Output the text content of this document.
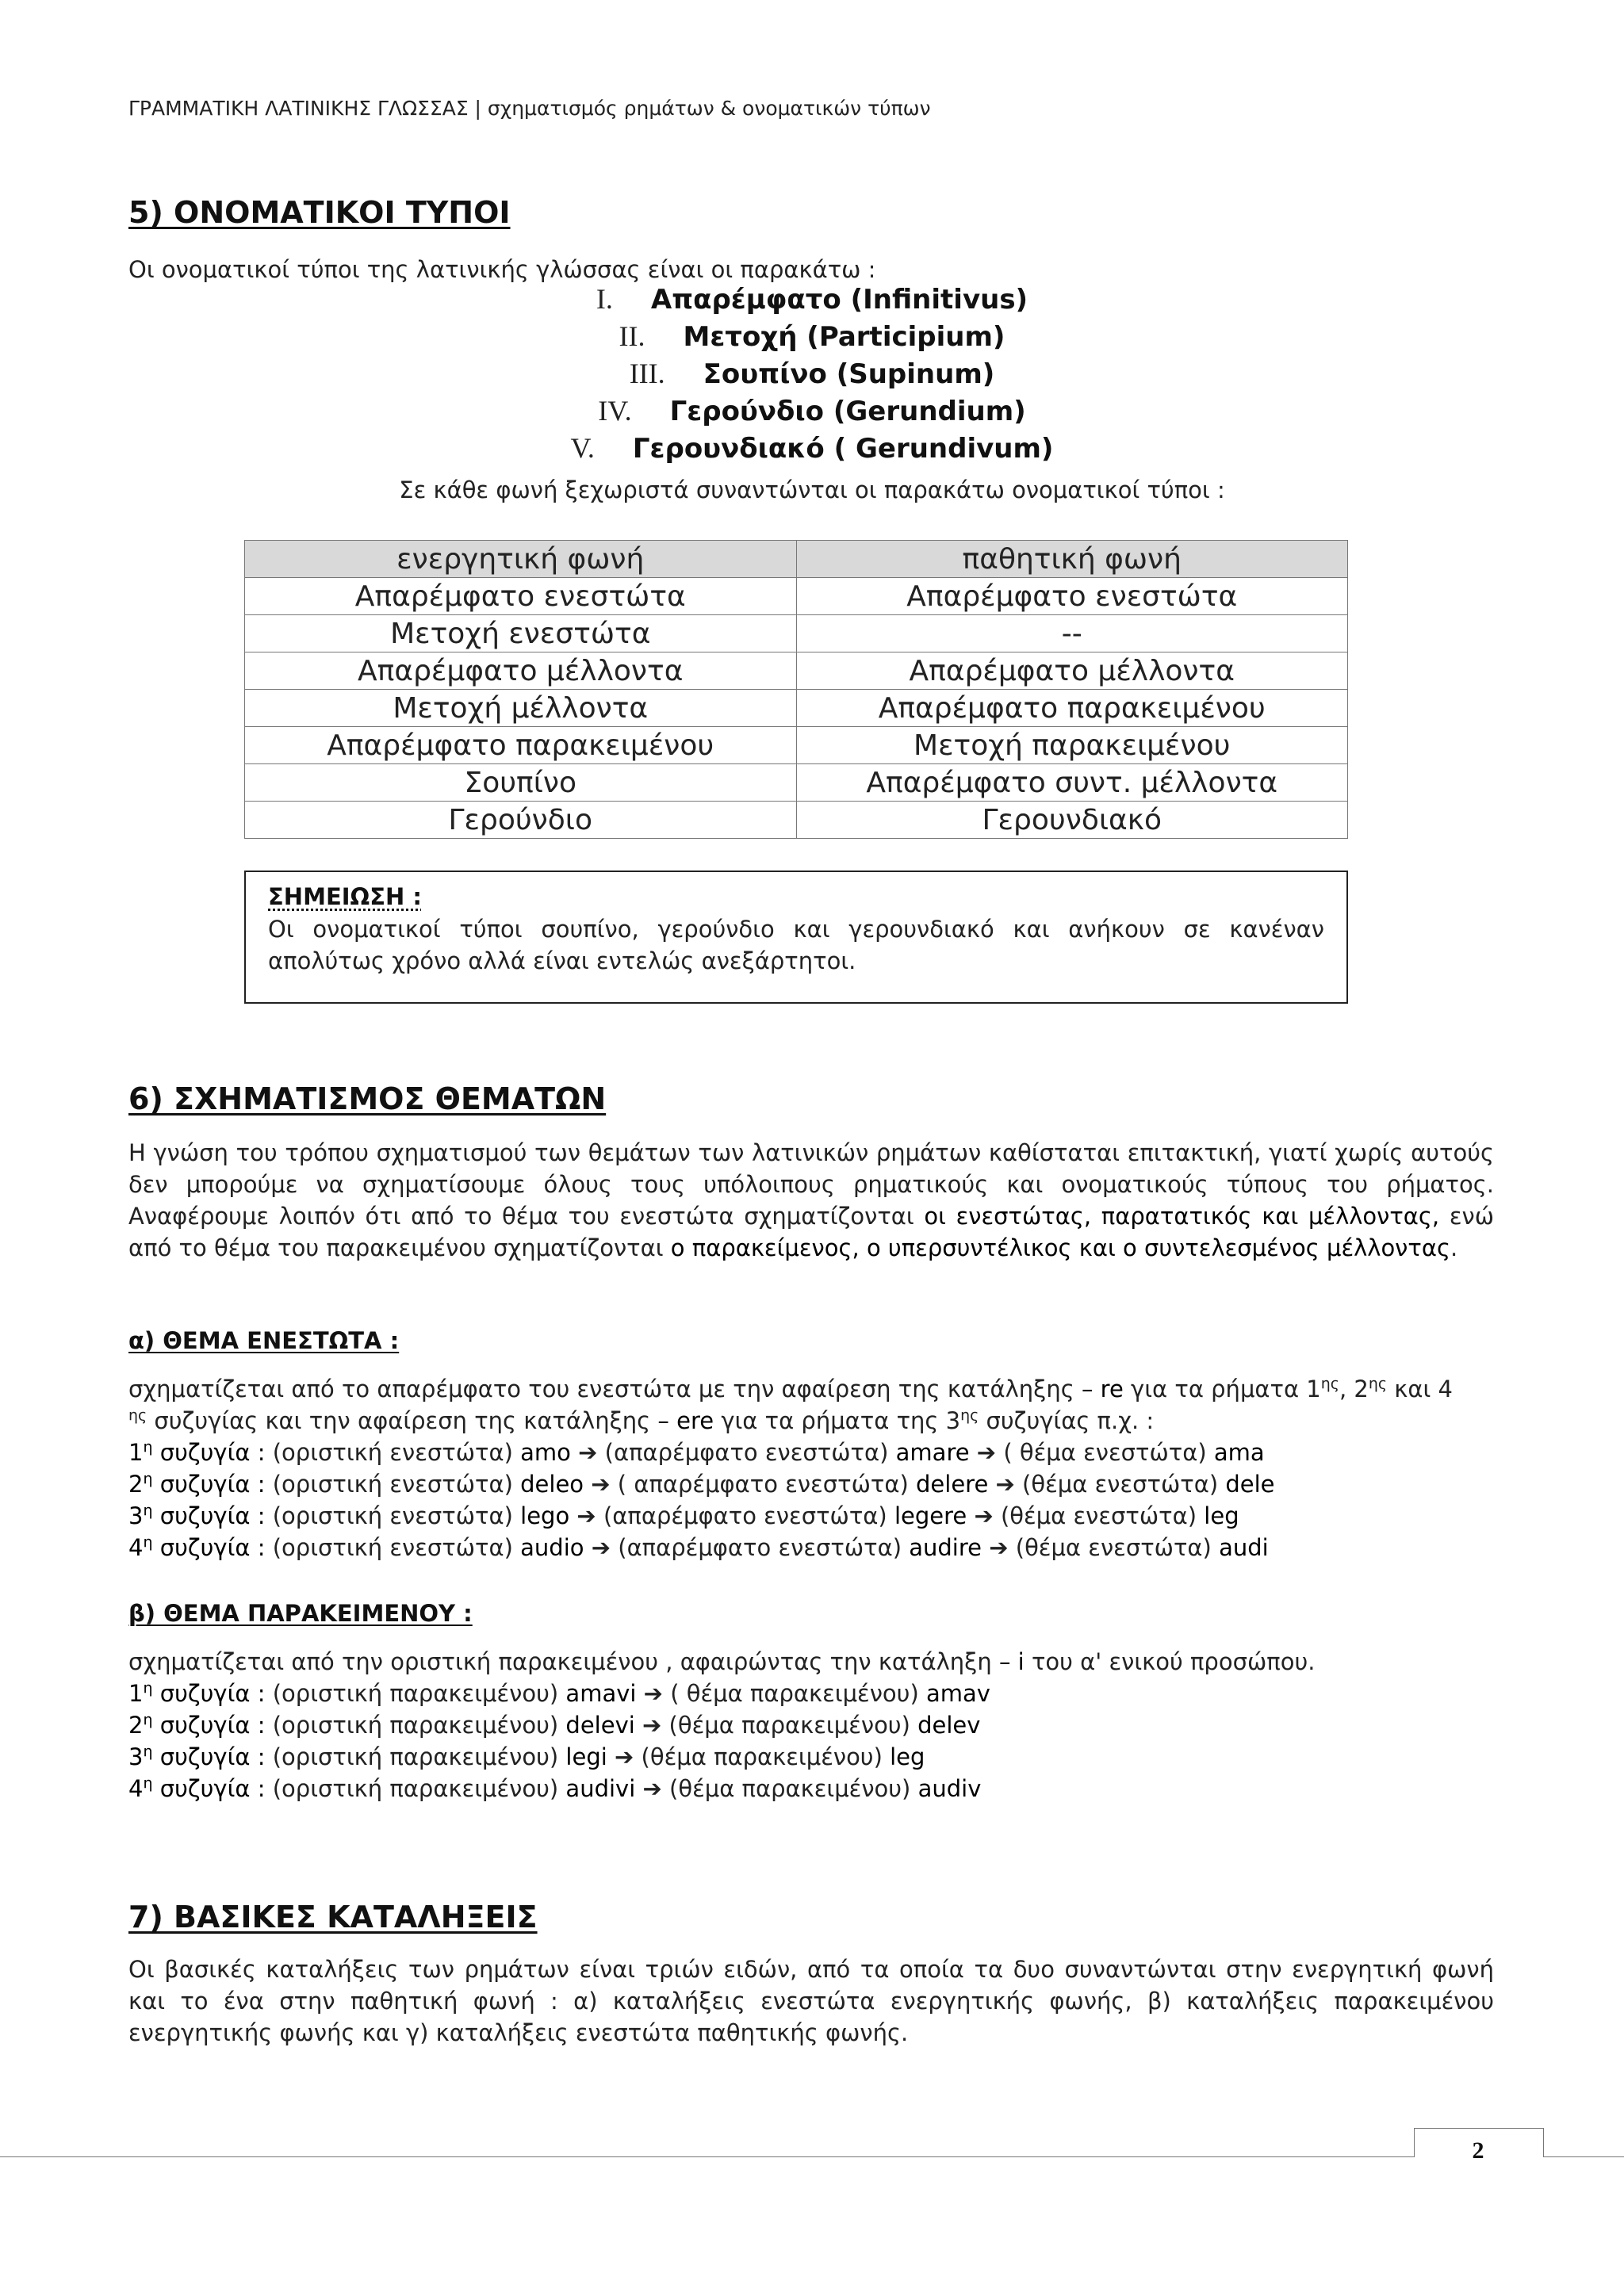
ΓΡΑΜΜΑΤΙΚΗ ΛΑΤΙΝΙΚΗΣ ΓΛΩΣΣΑΣ | σχηματισμός ρημάτων & ονοματικών τύπων
5) ΟΝΟΜΑΤΙΚΟΙ ΤΥΠΟΙ
Οι ονοματικοί τύποι της λατινικής γλώσσας είναι οι παρακάτω :
I. Απαρέμφατο (Infinitivus)
II. Μετοχή (Participium)
III. Σουπίνο (Supinum)
IV. Γερούνδιο (Gerundium)
V. Γερουνδιακό ( Gerundivum)
Σε κάθε φωνή ξεχωριστά συναντώνται οι παρακάτω ονοματικοί τύποι :
ενεργητική φωνή	παθητική φωνή
Απαρέμφατο ενεστώτα	Απαρέμφατο ενεστώτα
Μετοχή ενεστώτα	--
Απαρέμφατο μέλλοντα	Απαρέμφατο μέλλοντα
Μετοχή μέλλοντα	Απαρέμφατο παρακειμένου
Απαρέμφατο παρακειμένου	Μετοχή παρακειμένου
Σουπίνο	Απαρέμφατο συντ. μέλλοντα
Γερούνδιο	Γερουνδιακό
ΣΗΜΕΙΩΣΗ :
Οι ονοματικοί τύποι σουπίνο, γερούνδιο και γερουνδιακό και ανήκουν σε κανέναν απολύτως χρόνο αλλά είναι εντελώς ανεξάρτητοι.
6) ΣΧΗΜΑΤΙΣΜΟΣ ΘΕΜΑΤΩΝ
Η γνώση του τρόπου σχηματισμού των θεμάτων των λατινικών ρημάτων καθίσταται επιτακτική, γιατί χωρίς αυτούς δεν μπορούμε να σχηματίσουμε όλους τους υπόλοιπους ρηματικούς και ονοματικούς τύπους του ρήματος. Αναφέρουμε λοιπόν ότι από το θέμα του ενεστώτα σχηματίζονται οι ενεστώτας, παρατατικός και μέλλοντας, ενώ από το θέμα του παρακειμένου σχηματίζονται ο παρακείμενος, ο υπερσυντέλικος και ο συντελεσμένος μέλλοντας.
α) ΘΕΜΑ ΕΝΕΣΤΩΤΑ :
σχηματίζεται από το απαρέμφατο του ενεστώτα με την αφαίρεση της κατάληξης – re για τα ρήματα $1^{\eta\varsigma}$, $2^{\eta\varsigma}$ και 4
$^{\eta\varsigma}$ συζυγίας και την αφαίρεση της κατάληξης – ere για τα ρήματα της $3^{\eta\varsigma}$ συζυγίας π.χ. :
$1^\eta$ συζυγία : (οριστική ενεστώτα) amo ➔ (απαρέμφατο ενεστώτα) amare ➔ ( θέμα ενεστώτα) ama
$2^\eta$ συζυγία : (οριστική ενεστώτα) deleo ➔ ( απαρέμφατο ενεστώτα) delere ➔ (θέμα ενεστώτα) dele
$3^\eta$ συζυγία : (οριστική ενεστώτα) lego ➔ (απαρέμφατο ενεστώτα) legere ➔ (θέμα ενεστώτα) leg
$4^\eta$ συζυγία : (οριστική ενεστώτα) audio ➔ (απαρέμφατο ενεστώτα) audire ➔ (θέμα ενεστώτα) audi
β) ΘΕΜΑ ΠΑΡΑΚΕΙΜΕΝΟΥ :
σχηματίζεται από την οριστική παρακειμένου , αφαιρώντας την κατάληξη – i του α' ενικού προσώπου.
$1^\eta$ συζυγία : (οριστική παρακειμένου) amavi ➔ ( θέμα παρακειμένου) amav
$2^\eta$ συζυγία : (οριστική παρακειμένου) delevi ➔ (θέμα παρακειμένου) delev
$3^\eta$ συζυγία : (οριστική παρακειμένου) legi ➔ (θέμα παρακειμένου) leg
$4^\eta$ συζυγία : (οριστική παρακειμένου) audivi ➔ (θέμα παρακειμένου) audiv
7) ΒΑΣΙΚΕΣ ΚΑΤΑΛΗΞΕΙΣ
Οι βασικές καταλήξεις των ρημάτων είναι τριών ειδών, από τα οποία τα δυο συναντώνται στην ενεργητική φωνή και το ένα στην παθητική φωνή : α) καταλήξεις ενεστώτα ενεργητικής φωνής, β) καταλήξεις παρακειμένου ενεργητικής φωνής και γ) καταλήξεις ενεστώτα παθητικής φωνής.
2
